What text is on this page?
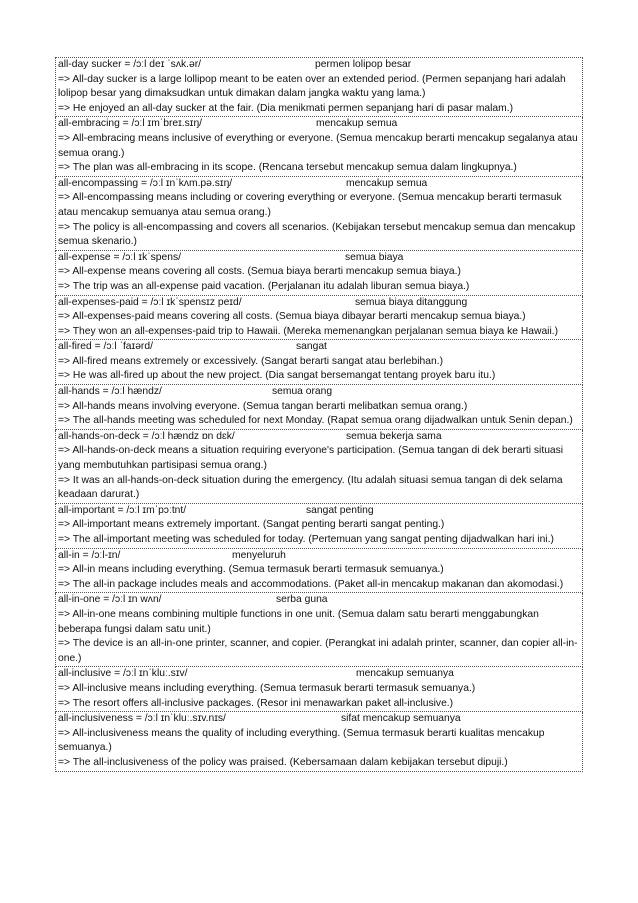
all-day sucker = /ɔːl deɪ ˈsʌk.ər/	permen lolipop besar
=> All-day sucker is a large lollipop meant to be eaten over an extended period. (Permen sepanjang hari adalah lolipop besar yang dimaksudkan untuk dimakan dalam jangka waktu yang lama.)
=> He enjoyed an all-day sucker at the fair. (Dia menikmati permen sepanjang hari di pasar malam.)
all-embracing = /ɔːl ɪmˈbreɪ.sɪŋ/	mencakup semua
=> All-embracing means inclusive of everything or everyone. (Semua mencakup berarti mencakup segalanya atau semua orang.)
=> The plan was all-embracing in its scope. (Rencana tersebut mencakup semua dalam lingkupnya.)
all-encompassing = /ɔːl ɪnˈkʌm.pə.sɪŋ/	mencakup semua
=> All-encompassing means including or covering everything or everyone. (Semua mencakup berarti termasuk atau mencakup semuanya atau semua orang.)
=> The policy is all-encompassing and covers all scenarios. (Kebijakan tersebut mencakup semua dan mencakup semua skenario.)
all-expense = /ɔːl ɪkˈspens/	semua biaya
=> All-expense means covering all costs. (Semua biaya berarti mencakup semua biaya.)
=> The trip was an all-expense paid vacation. (Perjalanan itu adalah liburan semua biaya.)
all-expenses-paid = /ɔːl ɪkˈspensɪz peɪd/	semua biaya ditanggung
=> All-expenses-paid means covering all costs. (Semua biaya dibayar berarti mencakup semua biaya.)
=> They won an all-expenses-paid trip to Hawaii. (Mereka memenangkan perjalanan semua biaya ke Hawaii.)
all-fired = /ɔːl ˈfaɪərd/	sangat
=> All-fired means extremely or excessively. (Sangat berarti sangat atau berlebihan.)
=> He was all-fired up about the new project. (Dia sangat bersemangat tentang proyek baru itu.)
all-hands = /ɔːl hændz/	semua orang
=> All-hands means involving everyone. (Semua tangan berarti melibatkan semua orang.)
=> The all-hands meeting was scheduled for next Monday. (Rapat semua orang dijadwalkan untuk Senin depan.)
all-hands-on-deck = /ɔːl hændz ɒn dɛk/	semua bekerja sama
=> All-hands-on-deck means a situation requiring everyone's participation. (Semua tangan di dek berarti situasi yang membutuhkan partisipasi semua orang.)
=> It was an all-hands-on-deck situation during the emergency. (Itu adalah situasi semua tangan di dek selama keadaan darurat.)
all-important = /ɔːl ɪmˈpɔːtnt/	sangat penting
=> All-important means extremely important. (Sangat penting berarti sangat penting.)
=> The all-important meeting was scheduled for today. (Pertemuan yang sangat penting dijadwalkan hari ini.)
all-in = /ɔːl-ɪn/	menyeluruh
=> All-in means including everything. (Semua termasuk berarti termasuk semuanya.)
=> The all-in package includes meals and accommodations. (Paket all-in mencakup makanan dan akomodasi.)
all-in-one = /ɔːl ɪn wʌn/	serba guna
=> All-in-one means combining multiple functions in one unit. (Semua dalam satu berarti menggabungkan beberapa fungsi dalam satu unit.)
=> The device is an all-in-one printer, scanner, and copier. (Perangkat ini adalah printer, scanner, dan copier all-in-one.)
all-inclusive = /ɔːl ɪnˈkluː.sɪv/	mencakup semuanya
=> All-inclusive means including everything. (Semua termasuk berarti termasuk semuanya.)
=> The resort offers all-inclusive packages. (Resor ini menawarkan paket all-inclusive.)
all-inclusiveness = /ɔːl ɪnˈkluː.sɪv.nɪs/	sifat mencakup semuanya
=> All-inclusiveness means the quality of including everything. (Semua termasuk berarti kualitas mencakup semuanya.)
=> The all-inclusiveness of the policy was praised. (Kebersamaan dalam kebijakan tersebut dipuji.)
